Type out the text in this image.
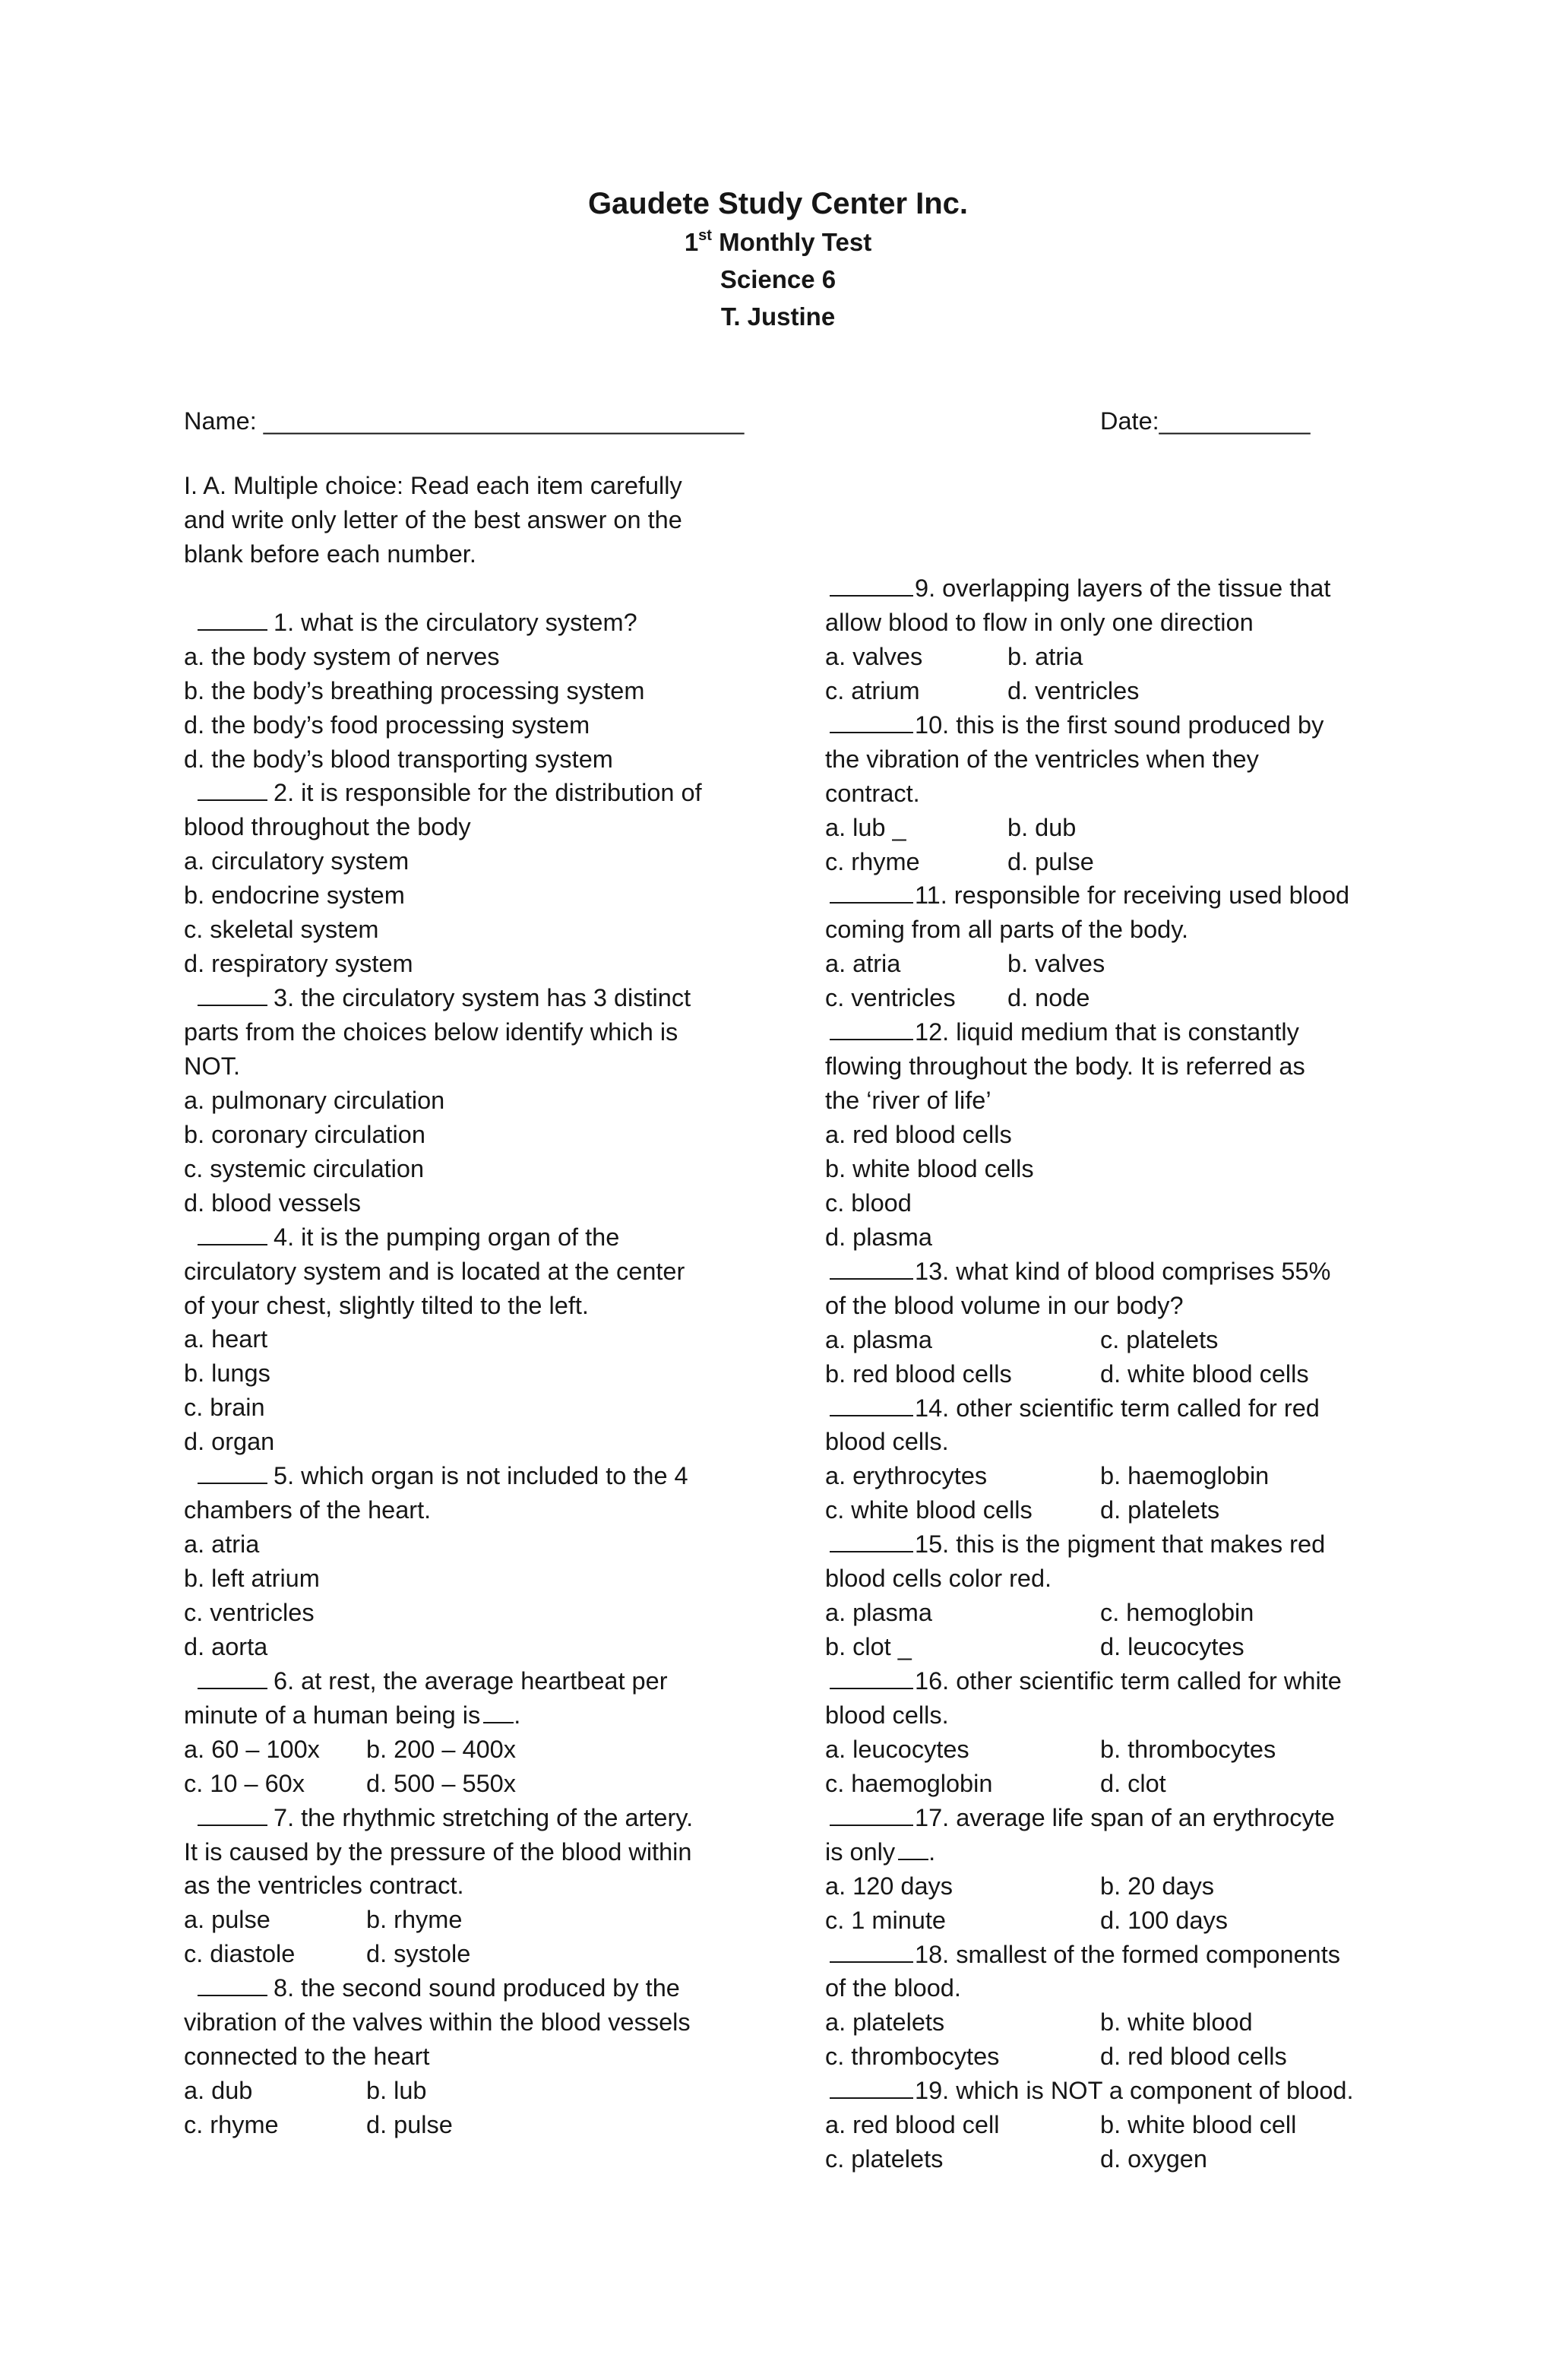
Gaudete Study Center Inc.
1st Monthly Test
Science 6
T. Justine
Name: ___________________________________	Date:___________
I. A. Multiple choice: Read each item carefully
and write only letter of the best answer on the
blank before each number.
1. what is the circulatory system?
a. the body system of nerves
b. the body’s breathing processing system
d. the body’s food processing system
d. the body’s blood transporting system
2. it is responsible for the distribution of
blood throughout the body
a. circulatory system
b. endocrine system
c. skeletal system
d. respiratory system
3. the circulatory system has 3 distinct
parts from the choices below identify which is
NOT.
a. pulmonary circulation
b. coronary circulation
c. systemic circulation
d. blood vessels
4. it is the pumping organ of the
circulatory system and is located at the center
of your chest, slightly tilted to the left.
a. heart
b. lungs
c. brain
d. organ
5. which organ is not included to the 4
chambers of the heart.
a. atria
b. left atrium
c. ventricles
d. aorta
6. at rest, the average heartbeat per
minute of a human being is .
a. 60 – 100x b. 200 – 400x
c. 10 – 60x d. 500 – 550x
7. the rhythmic stretching of the artery.
It is caused by the pressure of the blood within
as the ventricles contract.
a. pulse	b. rhyme
c. diastole	d. systole
8. the second sound produced by the
vibration of the valves within the blood vessels
connected to the heart
a. dub	b. lub
c. rhyme	d. pulse
9. overlapping layers of the tissue that
allow blood to flow in only one direction
a. valves	b. atria
c. atrium	d. ventricles
10. this is the first sound produced by
the vibration of the ventricles when they
contract.
a. lub _	b. dub
c. rhyme	d. pulse
11. responsible for receiving used blood
coming from all parts of the body.
a. atria	b. valves
c. ventricles d. node
12. liquid medium that is constantly
flowing throughout the body. It is referred as
the ‘river of life’
a. red blood cells
b. white blood cells
c. blood
d. plasma
13. what kind of blood comprises 55%
of the blood volume in our body?
a. plasma	c. platelets
b. red blood cells	d. white blood cells
14. other scientific term called for red
blood cells.
a. erythrocytes	b. haemoglobin
c. white blood cells	d. platelets
15. this is the pigment that makes red
blood cells color red.
a. plasma	c. hemoglobin
b. clot _	d. leucocytes
16. other scientific term called for white
blood cells.
a. leucocytes	b. thrombocytes
c. haemoglobin	d. clot
17. average life span of an erythrocyte
is only .
a. 120 days	b. 20 days
c. 1 minute	d. 100 days
18. smallest of the formed components
of the blood.
a. platelets	b. white blood
c. thrombocytes	d. red blood cells
19. which is NOT a component of blood.
a. red blood cell	b. white blood cell
c. platelets	d. oxygen
